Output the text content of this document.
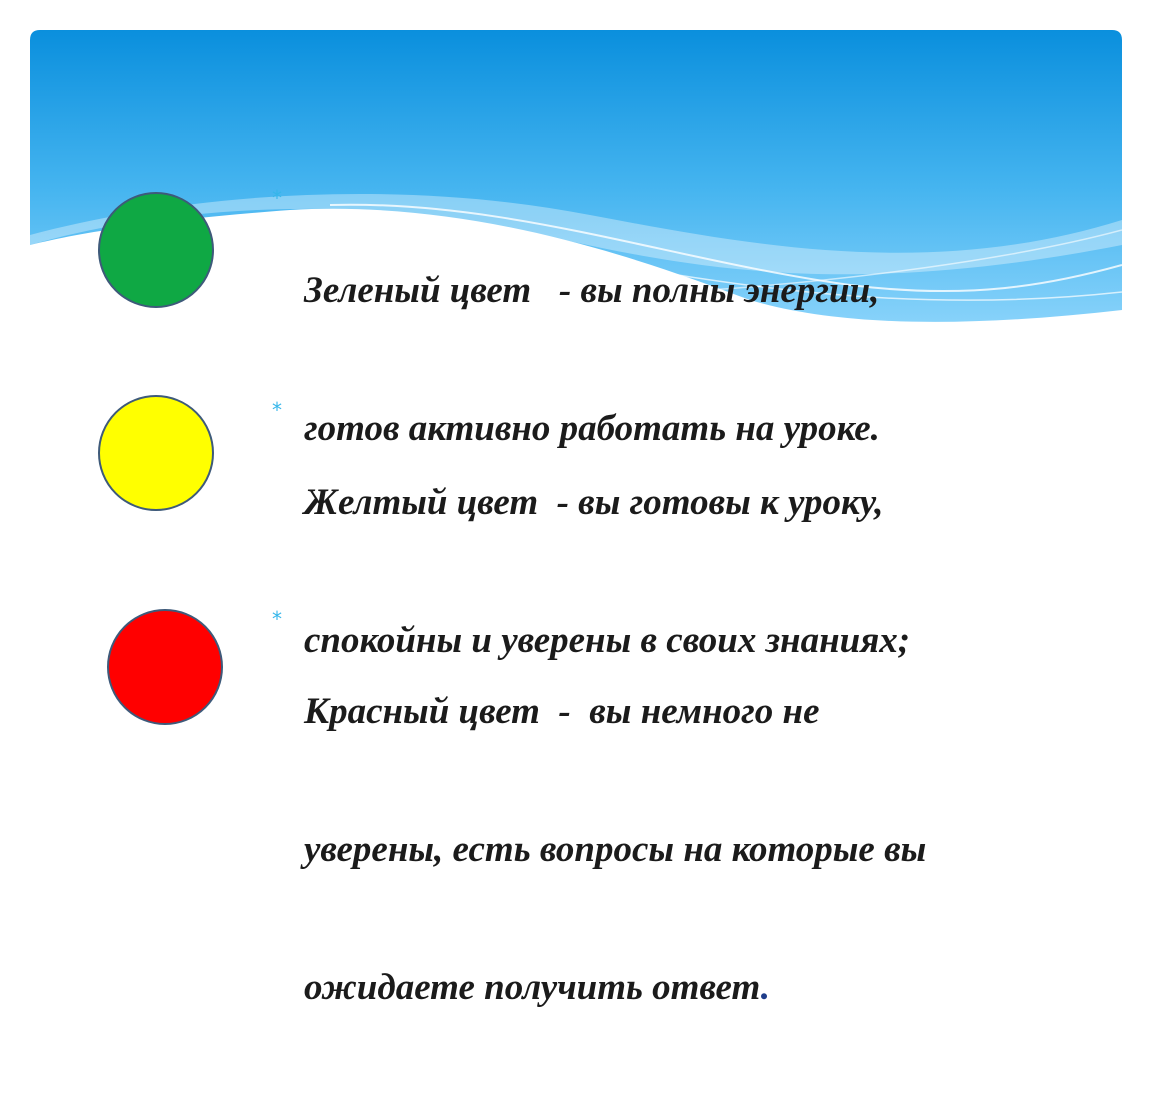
*

Зеленый цвет   - вы полны энергии,

готов активно работать на уроке.

*

Желтый цвет  - вы готовы к уроку,

спокойны и уверены в своих знаниях;

*

Красный цвет  -  вы немного не

уверены, есть вопросы на которые вы

ожидаете получить ответ.
